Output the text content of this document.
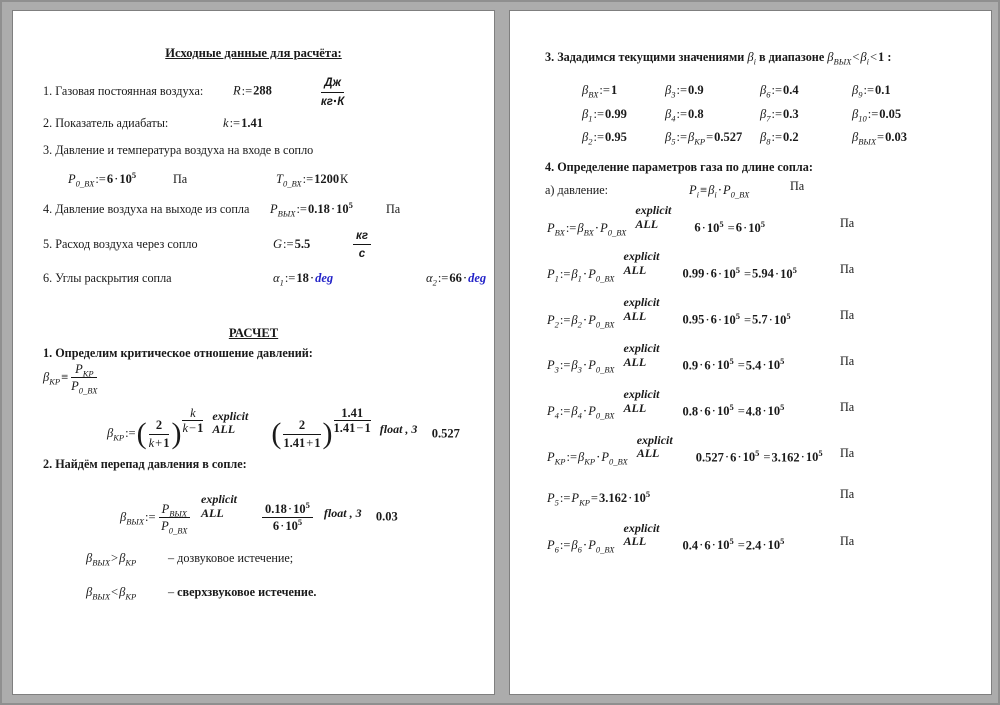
Исходные данные для расчёта:
1. Газовая постоянная воздуха: R:=288	$\frac{Дж}{кг\cdot К}$
2. Показатель адиабаты:	k:=1.41
3. Давление и температура воздуха на входе в сопло
$P_{0\_ВХ}:=6\cdot 10^5$	Па	$T_{0\_ВХ}:=1200К$
4. Давление воздуха на выходе из сопла $P_{ВЫХ}:=0.18\cdot 10^5$	Па
5. Расход воздуха через сопло	G:=5.5	$\frac{кг}{с}$
6. Углы раскрытия сопла	$\alpha_1:=18\cdot deg$	$\alpha_2:=66\cdot deg$
РАСЧЕТ
1. Определим критическое отношение давлений:
$\beta_{КР}\equiv \frac{P_{КР}}{P_{0\_ВХ}}$
$\beta_{КР}:=$ ( $\frac{2}{k+1}$ ) $\frac{k}{k-1}$ explicit
ALL	( $\frac{2}{1.41+1}$ ) $\frac{1.41}{1.41-1}$ float , 3	0.527
2. Найдём перепад давления в сопле:
$\beta_{ВЫХ}:= \frac{P_{ВЫХ}}{P_{0\_ВХ}}$
explicit
ALL	$\frac{0.18\cdot 10^5}{6\cdot 10^5}$ float , 3	0.03
$\beta_{ВЫХ}>\beta_{КР}$	– дозвуковое истечение;
$\beta_{ВЫХ}<\beta_{КР}$	– сверхзвуковое истечение.
3. Зададимся текущими значениями $\beta_i$ в диапазоне $\beta_{ВЫХ}<\beta_i<1$ :
$\beta_{ВХ}:=1$	$\beta_3:=0.9$	$\beta_6:=0.4$	$\beta_9:=0.1$
$\beta_1:=0.99$	$\beta_4:=0.8$	$\beta_7:=0.3$	$\beta_{10}:=0.05$
$\beta_2:=0.95$	$\beta_5:=\beta_{КР}=0.527$ $\beta_8:=0.2$	$\beta_{ВЫХ}=0.03$
4. Определение параметров газа по длине сопла:
а) давление:	$P_i\equiv\beta_i\cdot P_{0\_ВХ}$
Па
$P_{ВХ}:=\beta_{ВХ}\cdot P_{0\_ВХ}$
explicit
ALL	$6\cdot 10^5 =6\cdot 10^5$	Па
$P_1:=\beta_1\cdot P_{0\_ВХ}$
explicit
ALL	$0.99\cdot 6\cdot 10^5 =5.94\cdot 10^5$	Па
$P_2:=\beta_2\cdot P_{0\_ВХ}$
explicit
ALL	$0.95\cdot 6\cdot 10^5 =5.7\cdot 10^5$	Па
$P_3:=\beta_3\cdot P_{0\_ВХ}$
explicit
ALL	$0.9\cdot 6\cdot 10^5 =5.4\cdot 10^5$	Па
$P_4:=\beta_4\cdot P_{0\_ВХ}$
explicit
ALL	$0.8\cdot 6\cdot 10^5 =4.8\cdot 10^5$	Па
$P_{КР}:=\beta_{КР}\cdot P_{0\_ВХ}$
explicit
ALL	$0.527\cdot 6\cdot 10^5 =3.162\cdot 10^5$ Па
$P_5:=P_{КР}=3.162\cdot 10^5$	Па
$P_6:=\beta_6\cdot P_{0\_ВХ}$
explicit
ALL	$0.4\cdot 6\cdot 10^5 =2.4\cdot 10^5$	Па
